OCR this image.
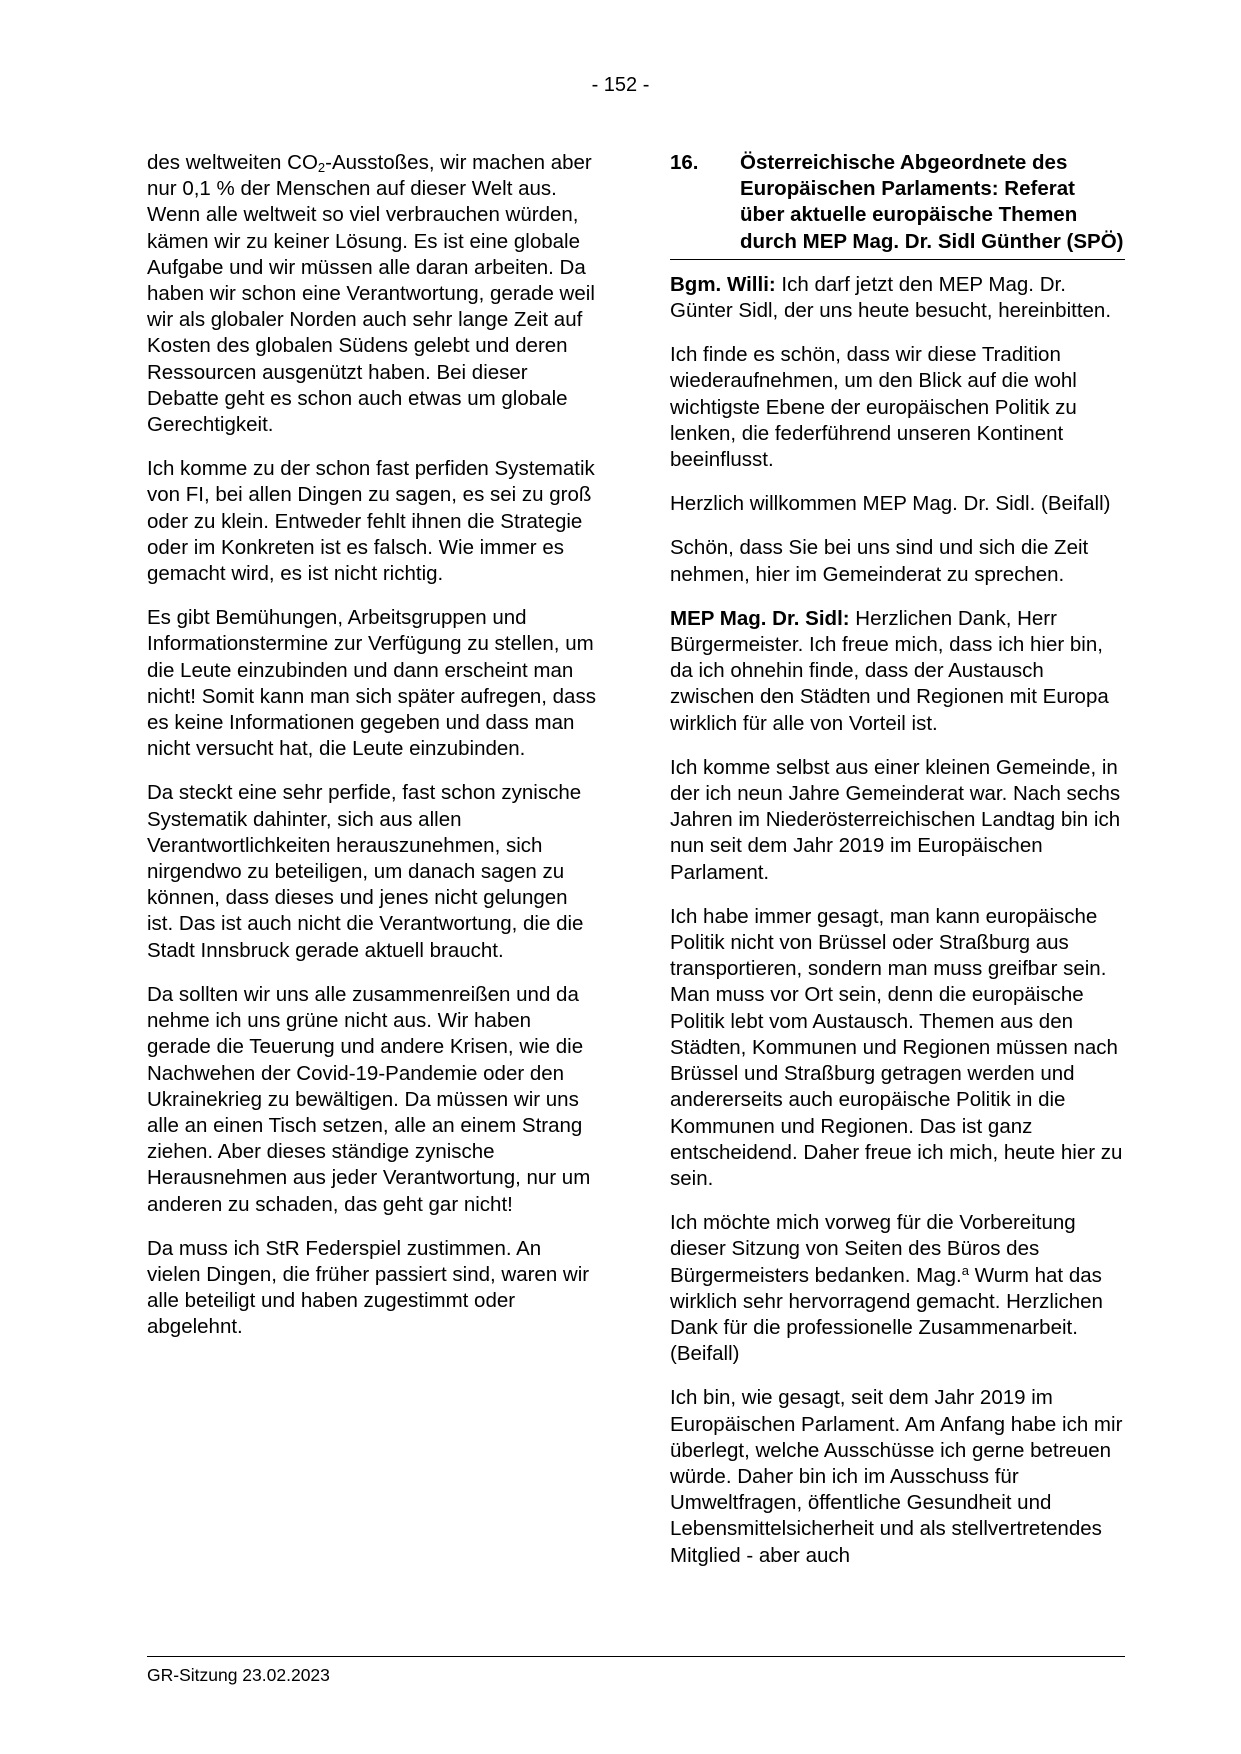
- 152 -

des weltweiten $CO_2$-Ausstoßes, wir machen aber nur 0,1 % der Menschen auf dieser Welt aus. Wenn alle weltweit so viel verbrauchen würden, kämen wir zu keiner Lösung. Es ist eine globale Aufgabe und wir müssen alle daran arbeiten. Da haben wir schon eine Verantwortung, gerade weil wir als globaler Norden auch sehr lange Zeit auf Kosten des globalen Südens gelebt und deren Ressourcen ausgenützt haben. Bei dieser Debatte geht es schon auch etwas um globale Gerechtigkeit.

Ich komme zu der schon fast perfiden Systematik von FI, bei allen Dingen zu sagen, es sei zu groß oder zu klein. Entweder fehlt ihnen die Strategie oder im Konkreten ist es falsch. Wie immer es gemacht wird, es ist nicht richtig.

Es gibt Bemühungen, Arbeitsgruppen und Informationstermine zur Verfügung zu stellen, um die Leute einzubinden und dann erscheint man nicht! Somit kann man sich später aufregen, dass es keine Informationen gegeben und dass man nicht versucht hat, die Leute einzubinden.

Da steckt eine sehr perfide, fast schon zynische Systematik dahinter, sich aus allen Verantwortlichkeiten herauszunehmen, sich nirgendwo zu beteiligen, um danach sagen zu können, dass dieses und jenes nicht gelungen ist. Das ist auch nicht die Verantwortung, die die Stadt Innsbruck gerade aktuell braucht.

Da sollten wir uns alle zusammenreißen und da nehme ich uns grüne nicht aus. Wir haben gerade die Teuerung und andere Krisen, wie die Nachwehen der Covid-19-Pandemie oder den Ukrainekrieg zu bewältigen. Da müssen wir uns alle an einen Tisch setzen, alle an einem Strang ziehen. Aber dieses ständige zynische Herausnehmen aus jeder Verantwortung, nur um anderen zu schaden, das geht gar nicht!

Da muss ich StR Federspiel zustimmen. An vielen Dingen, die früher passiert sind, waren wir alle beteiligt und haben zugestimmt oder abgelehnt.

16.	Österreichische Abgeordnete des Europäischen Parlaments: Referat über aktuelle europäische Themen durch MEP Mag. Dr. Sidl Günther (SPÖ)

Bgm. Willi: Ich darf jetzt den MEP Mag. Dr. Günter Sidl, der uns heute besucht, hereinbitten.

Ich finde es schön, dass wir diese Tradition wiederaufnehmen, um den Blick auf die wohl wichtigste Ebene der europäischen Politik zu lenken, die federführend unseren Kontinent beeinflusst.

Herzlich willkommen MEP Mag. Dr. Sidl. (Beifall)

Schön, dass Sie bei uns sind und sich die Zeit nehmen, hier im Gemeinderat zu sprechen.

MEP Mag. Dr. Sidl: Herzlichen Dank, Herr Bürgermeister. Ich freue mich, dass ich hier bin, da ich ohnehin finde, dass der Austausch zwischen den Städten und Regionen mit Europa wirklich für alle von Vorteil ist.

Ich komme selbst aus einer kleinen Gemeinde, in der ich neun Jahre Gemeinderat war. Nach sechs Jahren im Niederösterreichischen Landtag bin ich nun seit dem Jahr 2019 im Europäischen Parlament.

Ich habe immer gesagt, man kann europäische Politik nicht von Brüssel oder Straßburg aus transportieren, sondern man muss greifbar sein. Man muss vor Ort sein, denn die europäische Politik lebt vom Austausch. Themen aus den Städten, Kommunen und Regionen müssen nach Brüssel und Straßburg getragen werden und andererseits auch europäische Politik in die Kommunen und Regionen. Das ist ganz entscheidend. Daher freue ich mich, heute hier zu sein.

Ich möchte mich vorweg für die Vorbereitung dieser Sitzung von Seiten des Büros des Bürgermeisters bedanken. Mag.$^a$ Wurm hat das wirklich sehr hervorragend gemacht. Herzlichen Dank für die professionelle Zusammenarbeit. (Beifall)

Ich bin, wie gesagt, seit dem Jahr 2019 im Europäischen Parlament. Am Anfang habe ich mir überlegt, welche Ausschüsse ich gerne betreuen würde. Daher bin ich im Ausschuss für Umweltfragen, öffentliche Gesundheit und Lebensmittelsicherheit und als stellvertretendes Mitglied - aber auch

GR-Sitzung 23.02.2023
